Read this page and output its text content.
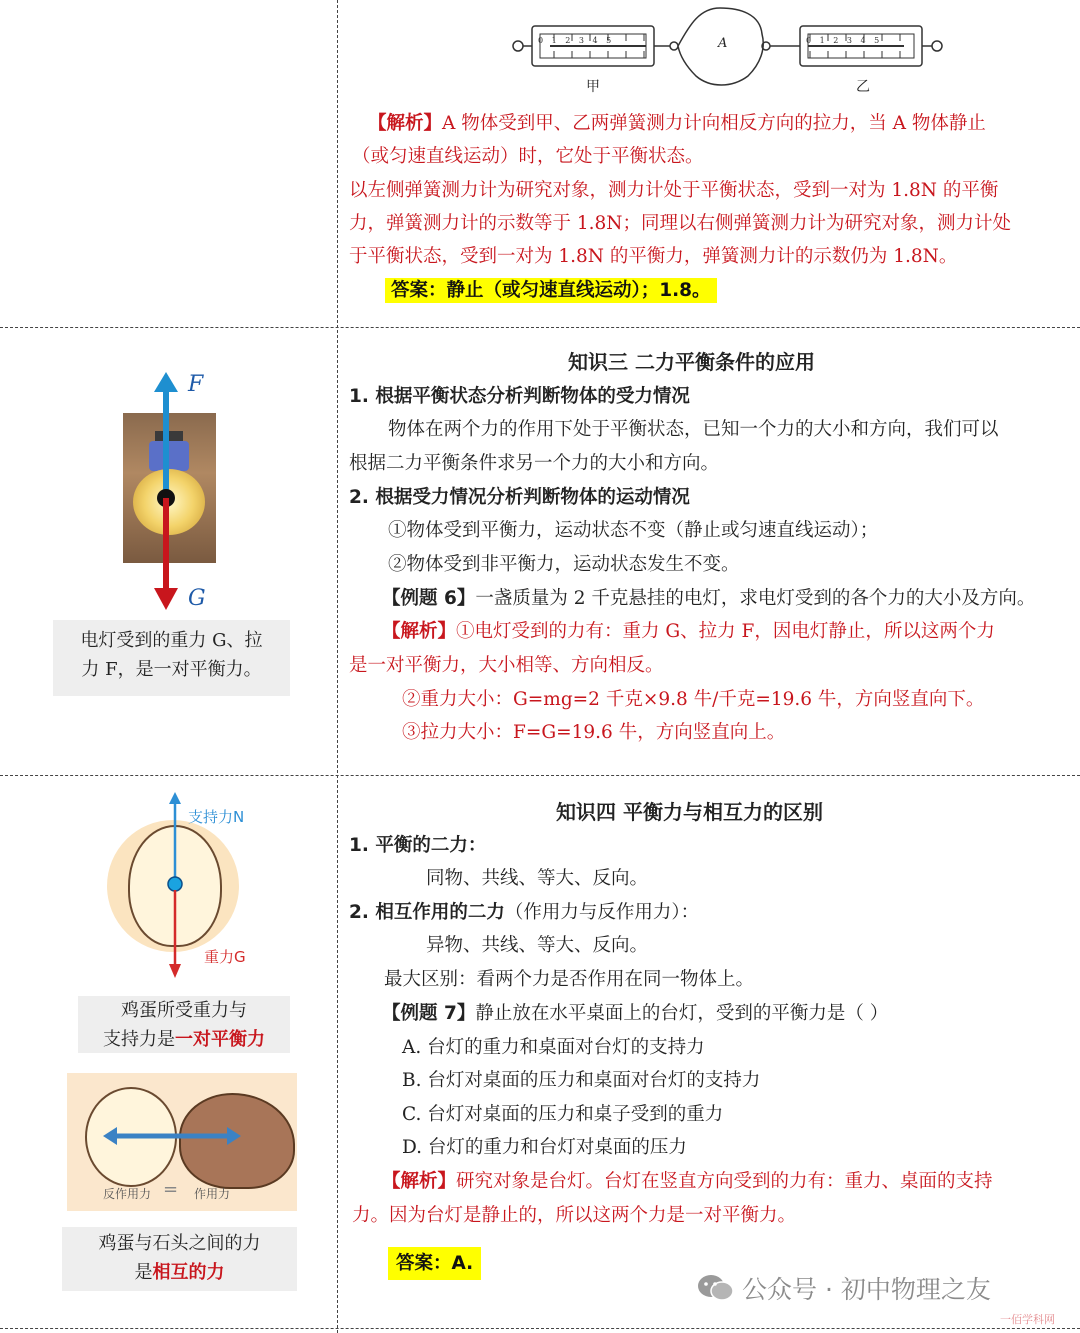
0 1 2 3 4 5	0 1 2 3 4 5
A
甲	乙
【解析】A 物体受到甲、乙两弹簧测力计向相反方向的拉力，当 A 物体静止
（或匀速直线运动）时，它处于平衡状态。
以左侧弹簧测力计为研究对象，测力计处于平衡状态，受到一对为 1.8N 的平衡
力，弹簧测力计的示数等于 1.8N；同理以右侧弹簧测力计为研究对象，测力计处
于平衡状态，受到一对为 1.8N 的平衡力，弹簧测力计的示数仍为 1.8N。
答案：静止（或匀速直线运动）；1.8。
F
G
电灯受到的重力 G、拉
力 F，是一对平衡力。
知识三 二力平衡条件的应用
1. 根据平衡状态分析判断物体的受力情况
物体在两个力的作用下处于平衡状态，已知一个力的大小和方向，我们可以
根据二力平衡条件求另一个力的大小和方向。
2. 根据受力情况分析判断物体的运动情况
①物体受到平衡力，运动状态不变（静止或匀速直线运动）；
②物体受到非平衡力，运动状态发生不变。
【例题 6】一盏质量为 2 千克悬挂的电灯，求电灯受到的各个力的大小及方向。
【解析】①电灯受到的力有：重力 G、拉力 F，因电灯静止，所以这两个力
是一对平衡力，大小相等、方向相反。
②重力大小：G=mg=2 千克×9.8 牛/千克=19.6 牛，方向竖直向下。
③拉力大小：F=G=19.6 牛，方向竖直向上。
支持力N
重力G
鸡蛋所受重力与
支持力是一对平衡力
反作用力 = 作用力
鸡蛋与石头之间的力
是相互的力
知识四 平衡力与相互力的区别
1. 平衡的二力：
同物、共线、等大、反向。
2. 相互作用的二力（作用力与反作用力）：
异物、共线、等大、反向。
最大区别：看两个力是否作用在同一物体上。
【例题 7】静止放在水平桌面上的台灯，受到的平衡力是（ ）
A. 台灯的重力和桌面对台灯的支持力
B. 台灯对桌面的压力和桌面对台灯的支持力
C. 台灯对桌面的压力和桌子受到的重力
D. 台灯的重力和台灯对桌面的压力
【解析】研究对象是台灯。台灯在竖直方向受到的力有：重力、桌面的支持
力。因为台灯是静止的，所以这两个力是一对平衡力。
答案：A.
公众号 · 初中物理之友
一佰学科网
